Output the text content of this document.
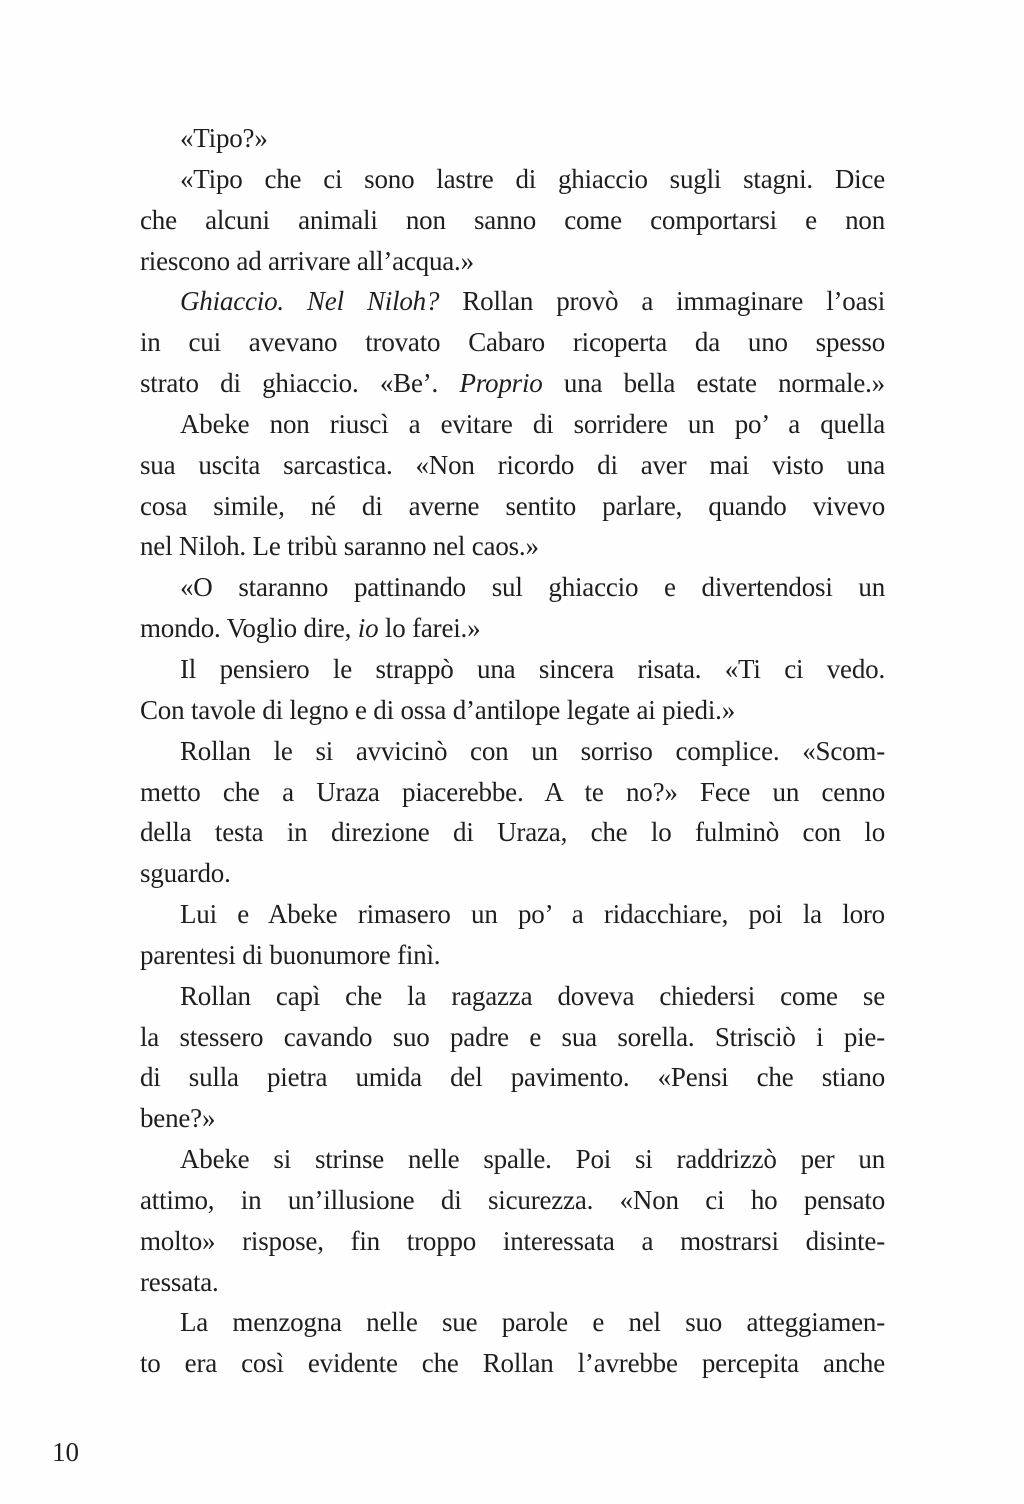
«Tipo?»
«Tipo che ci sono lastre di ghiaccio sugli stagni. Dice
che alcuni animali non sanno come comportarsi e non
riescono ad arrivare all’acqua.»
Ghiaccio. Nel Niloh? Rollan provò a immaginare l’oasi
in cui avevano trovato Cabaro ricoperta da uno spesso
strato di ghiaccio. «Be’. Proprio una bella estate normale.»
Abeke non riuscì a evitare di sorridere un po’ a quella
sua uscita sarcastica. «Non ricordo di aver mai visto una
cosa simile, né di averne sentito parlare, quando vivevo
nel Niloh. Le tribù saranno nel caos.»
«O staranno pattinando sul ghiaccio e divertendosi un
mondo. Voglio dire, io lo farei.»
Il pensiero le strappò una sincera risata. «Ti ci vedo.
Con tavole di legno e di ossa d’antilope legate ai piedi.»
Rollan le si avvicinò con un sorriso complice. «Scom-
metto che a Uraza piacerebbe. A te no?» Fece un cenno
della testa in direzione di Uraza, che lo fulminò con lo
sguardo.
Lui e Abeke rimasero un po’ a ridacchiare, poi la loro
parentesi di buonumore finì.
Rollan capì che la ragazza doveva chiedersi come se
la stessero cavando suo padre e sua sorella. Strisciò i pie-
di sulla pietra umida del pavimento. «Pensi che stiano
bene?»
Abeke si strinse nelle spalle. Poi si raddrizzò per un
attimo, in un’illusione di sicurezza. «Non ci ho pensato
molto» rispose, fin troppo interessata a mostrarsi disinte-
ressata.
La menzogna nelle sue parole e nel suo atteggiamen-
to era così evidente che Rollan l’avrebbe percepita anche
10
